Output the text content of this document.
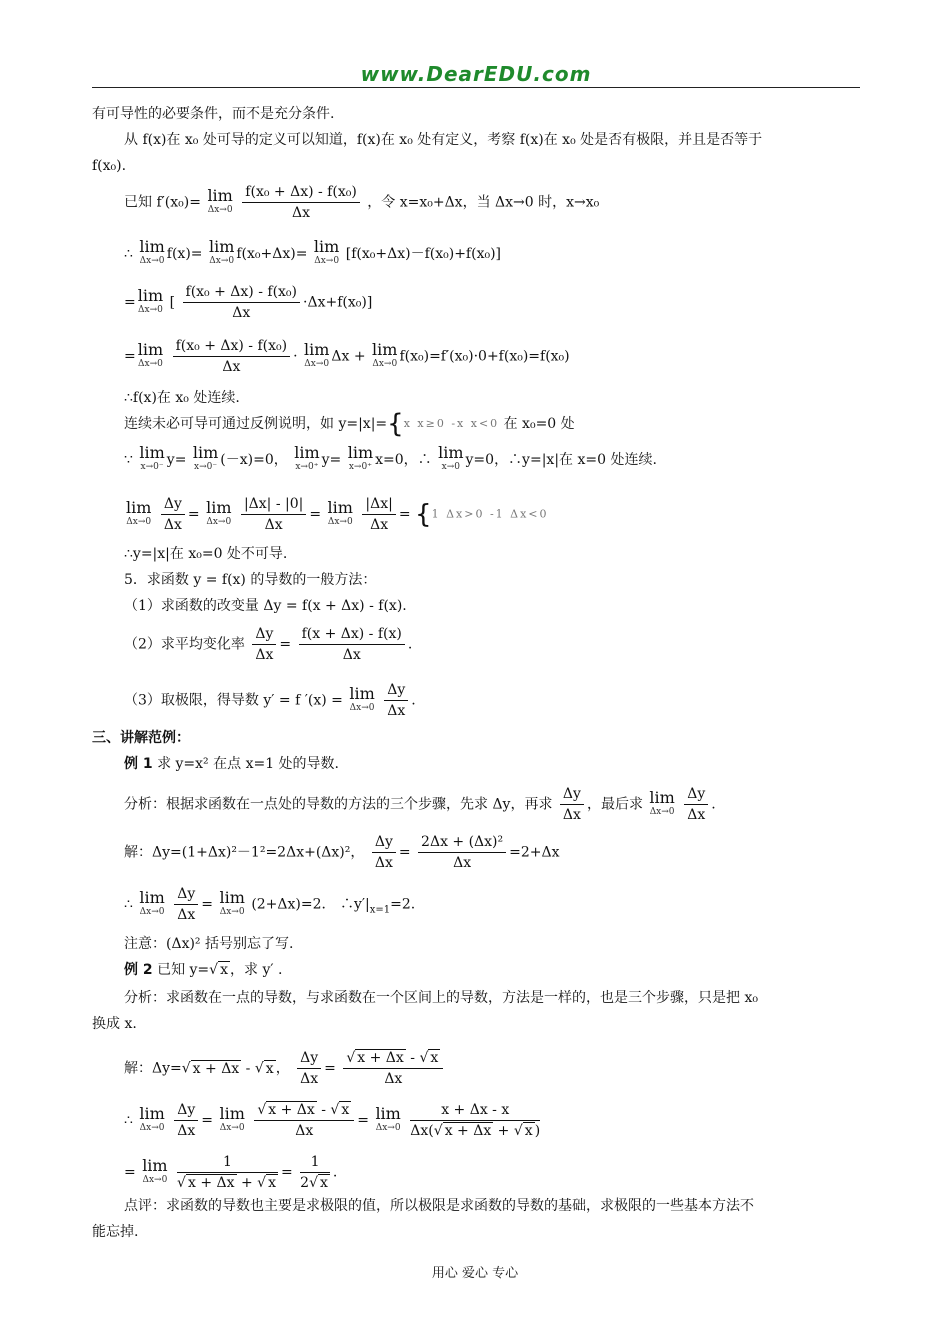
www.DearEDU.com
有可导性的必要条件，而不是充分条件.
从 f(x)在 x₀ 处可导的定义可以知道，f(x)在 x₀ 处有定义，考察 f(x)在 x₀ 处是否有极限，并且是否等于
f(x₀).
已知 f′(x₀)= lim
Δx→0
$\frac{\text{f(x₀ + Δx) - f(x₀)}}{\Delta x}$ ，令 x=x₀+Δx，当 Δx→0 时，x→x₀
∴ lim
Δx→0 f(x)= lim
Δx→0 f(x₀+Δx)= lim
Δx→0 [f(x₀+Δx)－f(x₀)+f(x₀)]
= lim
Δx→0 [ $\frac{\text{f(x₀ + Δx) - f(x₀)}}{\Delta x} \cdot\Delta x+f(x_0)$]
= lim
Δx→0
$\frac{\text{f(x₀ + Δx) - f(x₀)}}{\Delta x} \cdot \lim$
Δx→0 Δx + lim
Δx→0 f(x₀)=f′(x₀)·0+f(x₀)=f(x₀)
∴f(x)在 x₀ 处连续.
连续未必可导可通过反例说明，如 y=|x|={x x≥0 -x x<0 在 x₀=0 处
∵ lim
x→0⁻ y= lim
x→0⁻ (－x)=0， lim
x→0⁺ y= lim
x→0⁺ x=0，∴ lim
x→0 y=0，∴y=|x|在 x=0 处连续.
lim
Δx→0
$\frac{\Delta y}{\Delta x} = \lim$
Δx→0
$\frac{|\Delta x| - |0|}{\Delta x} = \lim$
Δx→0
$\frac{|\Delta x|}{\Delta x} = \{1$ Δx>0 -1 Δx<0
∴y=|x|在 x₀=0 处不可导.
5．求函数 y = f(x) 的导数的一般方法：
（1）求函数的改变量 Δy = f(x + Δx) - f(x).
（2）求平均变化率 $\frac{\Delta y}{\Delta x} = \frac{f(x + \Delta x) - f(x)}{\Delta x}$ .
（3）取极限，得导数 y′ = f ′(x) = lim
Δx→0
$\frac{\Delta y}{\Delta x}$ .
三、讲解范例：
例 1 求 y=x² 在点 x=1 处的导数.
分析：根据求函数在一点处的导数的方法的三个步骤，先求 Δy，再求 $\frac{\Delta y}{\Delta x}$ ，最后求 lim
Δx→0
$\frac{\Delta y}{\Delta x}$ .
解：Δy=(1+Δx)²－1²=2Δx+(Δx)²， $\frac{\Delta y}{\Delta x} = \frac{\text{2Δx + (Δx)²}}{\Delta x} =2+\Delta x$
∴ lim
Δx→0
$\frac{\Delta y}{\Delta x} = \lim$
Δx→0 (2+Δx)=2． $\therefore y'|_{x=1}=2$.
注意：(Δx)² 括号别忘了写.
例 2 已知 y=√ x ，求 y′ .
分析：求函数在一点的导数，与求函数在一个区间上的导数，方法是一样的，也是三个步骤，只是把 x₀
换成 x.
解：Δy=√ x + Δx - √ x ， $\frac{\Delta y}{\Delta x} = \frac{√ x + \Delta x - √ x}{\Delta x}$
∴ lim
Δx→0
$\frac{\Delta y}{\Delta x} = \lim$
Δx→0
$\frac{√ x + \Delta x - √ x}{\Delta x} = \lim$
Δx→0
$\frac{x + \Delta x - x}{\Delta x(√ x + \Delta x + √ x )}$
= lim
Δx→0
$\frac{1}{√ x + \Delta x + √ x} = \frac{1}{2√ x}$ .
点评：求函数的导数也主要是求极限的值，所以极限是求函数的导数的基础，求极限的一些基本方法不
能忘掉.
用心 爱心 专心
